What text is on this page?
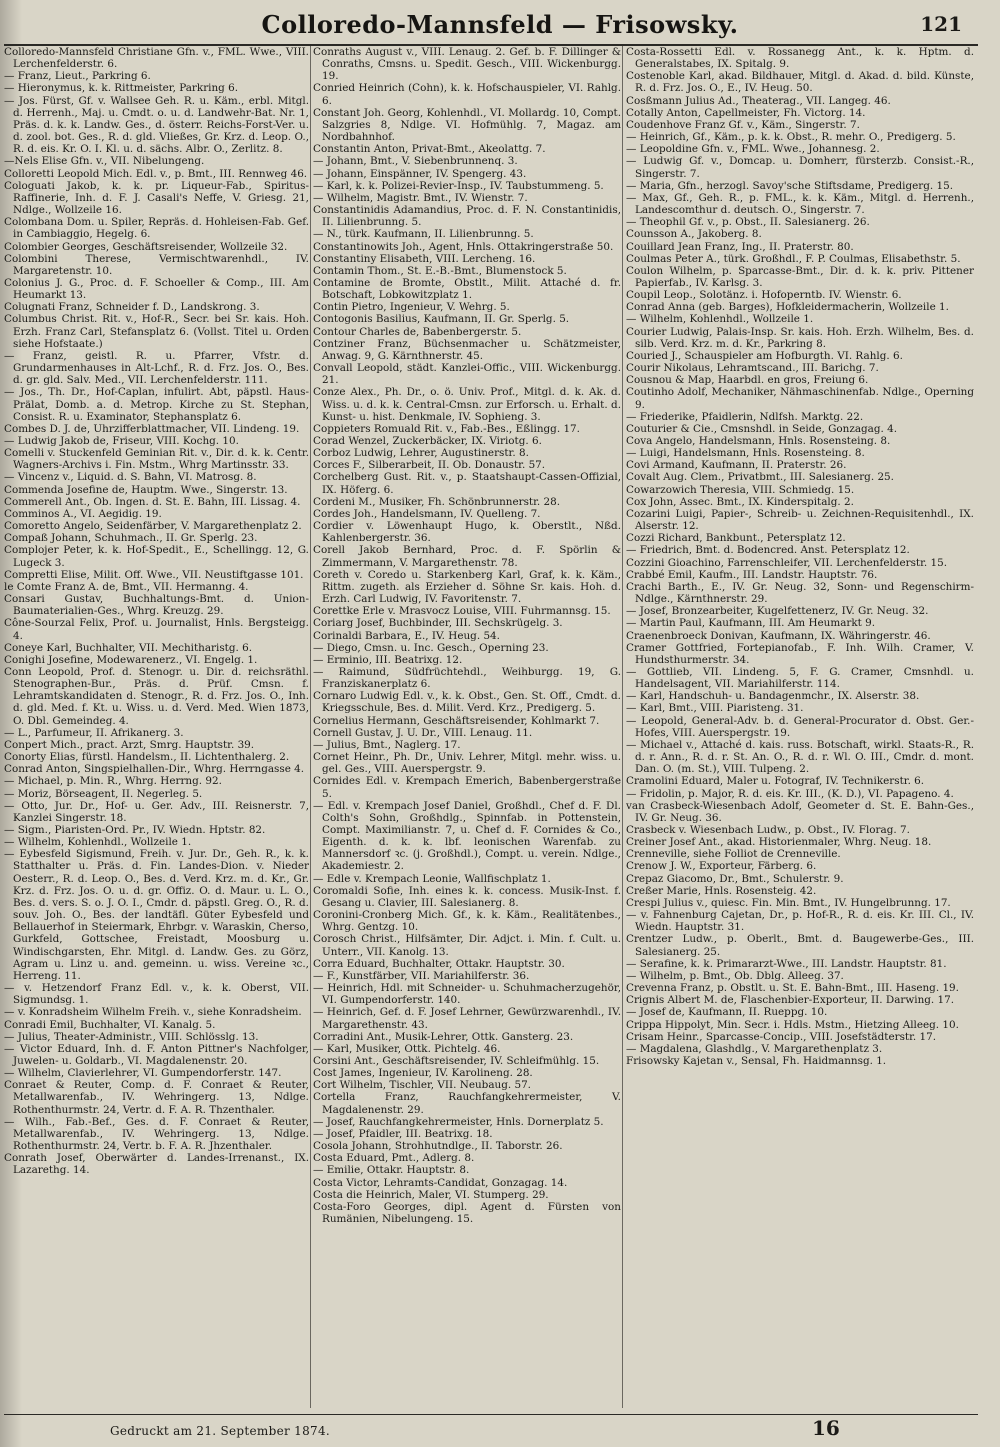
Colloredo-Mannsfeld — Frisowsky.	121

Colloredo-Mannsfeld Christiane Gfn. v., FML. Wwe., VIII. Lerchenfelderstr. 6.

— Franz, Lieut., Parkring 6.

— Hieronymus, k. k. Rittmeister, Parkring 6.

— Jos. Fürst, Gf. v. Wallsee Geh. R. u. Käm., erbl. Mitgl. d. Herrenh., Maj. u. Cmdt. o. u. d. Landwehr-Bat. Nr. 1, Präs. d. k. k. Landw. Ges., d. österr. Reichs-Forst-Ver. u. d. zool. bot. Ges., R. d. gld. Vließes, Gr. Krz. d. Leop. O., R. d. eis. Kr. O. I. Kl. u. d. sächs. Albr. O., Zerlitz. 8.

—Nels Elise Gfn. v., VII. Nibelungeng.

Colloretti Leopold Mich. Edl. v., p. Bmt., III. Rennweg 46.

Cologuati Jakob, k. k. pr. Liqueur-Fab., Spiritus-Raffinerie, Inh. d. F. J. Casali's Neffe, V. Griesg. 21, Ndlge., Wollzeile 16.

Colombana Dom. u. Spiler, Repräs. d. Hohleisen-Fab. Gef. in Cambiaggio, Hegelg. 6.

Colombier Georges, Geschäftsreisender, Wollzeile 32.

Colombini Therese, Vermischtwarenhdl., IV. Margaretenstr. 10.

Colonius J. G., Proc. d. F. Schoeller & Comp., III. Am Heumarkt 13.

Colugnati Franz, Schneider f. D., Landskrong. 3.

Columbus Christ. Rit. v., Hof-R., Secr. bei Sr. kais. Hoh. Erzh. Franz Carl, Stefansplatz 6. (Vollst. Titel u. Orden siehe Hofstaate.)

— Franz, geistl. R. u. Pfarrer, Vfstr. d. Grundarmenhauses in Alt-Lchf., R. d. Frz. Jos. O., Bes. d. gr. gld. Salv. Med., VII. Lerchenfelderstr. 111.

— Jos., Th. Dr., Hof-Caplan, infulirt. Abt, päpstl. Haus-Prälat, Domb. a. d. Metrop. Kirche zu St. Stephan, Consist. R. u. Examinator, Stephansplatz 6.

Combes D. J. de, Uhrzifferblattmacher, VII. Lindeng. 19.

— Ludwig Jakob de, Friseur, VIII. Kochg. 10.

Comelli v. Stuckenfeld Geminian Rit. v., Dir. d. k. k. Centr. Wagners-Archivs i. Fin. Mstm., Whrg Martinsstr. 33.

— Vincenz v., Liquid. d. S. Bahn, VI. Matrosg. 8.

Commenda Josefine de, Hauptm. Wwe., Singerstr. 13.

Commerell Ant., Ob. Ingen. d. St. E. Bahn, III. Lissag. 4.

Comminos A., VI. Aegidig. 19.

Comoretto Angelo, Seidenfärber, V. Margarethenplatz 2.

Compaß Johann, Schuhmach., II. Gr. Sperlg. 23.

Complojer Peter, k. k. Hof-Spedit., E., Schellingg. 12, G. Lugeck 3.

Compretti Elise, Milit. Off. Wwe., VII. Neustiftgasse 101.

le Comte Franz A. de, Bmt., VII. Hermanng. 4.

Consari Gustav, Buchhaltungs-Bmt. d. Union-Baumaterialien-Ges., Whrg. Kreuzg. 29.

Cône-Sourzal Felix, Prof. u. Journalist, Hnls. Bergsteigg. 4.

Coneye Karl, Buchhalter, VII. Mechitharistg. 6.

Conighi Josefine, Modewarenerz., VI. Engelg. 1.

Conn Leopold, Prof. d. Stenogr. u. Dir. d. reichsräthl. Stenographen-Bur., Präs. d. Prüf. Cmsn. f. Lehramtskandidaten d. Stenogr., R. d. Frz. Jos. O., Inh. d. gld. Med. f. Kt. u. Wiss. u. d. Verd. Med. Wien 1873, O. Dbl. Gemeindeg. 4.

— L., Parfumeur, II. Afrikanerg. 3.

Conpert Mich., pract. Arzt, Smrg. Hauptstr. 39.

Conorty Elias, fürstl. Handelsm., II. Lichtenthalerg. 2.

Conrad Anton, Singspielhallen-Dir., Whrg. Herrngasse 4.

— Michael, p. Min. R., Whrg. Herrng. 92.

— Moriz, Börseagent, II. Negerleg. 5.

— Otto, Jur. Dr., Hof- u. Ger. Adv., III. Reisnerstr. 7, Kanzlei Singerstr. 18.

— Sigm., Piaristen-Ord. Pr., IV. Wiedn. Hptstr. 82.

— Wilhelm, Kohlenhdl., Wollzeile 1.

— Eybesfeld Sigismund, Freih. v. Jur. Dr., Geh. R., k. k. Statthalter u. Präs. d. Fin. Landes-Dion. v. Nieder Oesterr., R. d. Leop. O., Bes. d. Verd. Krz. m. d. Kr., Gr. Krz. d. Frz. Jos. O. u. d. gr. Offiz. O. d. Maur. u. L. O., Bes. d. vers. S. o. J. O. I., Cmdr. d. päpstl. Greg. O., R. d. souv. Joh. O., Bes. der landtäfl. Güter Eybesfeld und Bellauerhof in Steiermark, Ehrbgr. v. Waraskin, Cherso, Gurkfeld, Gottschee, Freistadt, Moosburg u. Windischgarsten, Ehr. Mitgl. d. Landw. Ges. zu Görz, Agram u. Linz u. and. gemeinn. u. wiss. Vereine ꝛc., Herreng. 11.

— v. Hetzendorf Franz Edl. v., k. k. Oberst, VII. Sigmundsg. 1.

— v. Konradsheim Wilhelm Freih. v., siehe Konradsheim.

Conradi Emil, Buchhalter, VI. Kanalg. 5.

— Julius, Theater-Administr., VIII. Schlösslg. 13.

— Victor Eduard, Inh. d. F. Anton Pittner's Nachfolger, Juwelen- u. Goldarb., VI. Magdalenenstr. 20.

— Wilhelm, Clavierlehrer, VI. Gumpendorferstr. 147.

Conraet & Reuter, Comp. d. F. Conraet & Reuter, Metallwarenfab., IV. Wehringerg. 13, Ndlge. Rothenthurmstr. 24, Vertr. d. F. A. R. Thzenthaler.

— Wilh., Fab.-Bef., Ges. d. F. Conraet & Reuter, Metallwarenfab., IV. Wehringerg. 13, Ndlge. Rothenthurmstr. 24, Vertr. b. F. A. R. Jhzenthaler.

Conrath Josef, Oberwärter d. Landes-Irrenanst., IX. Lazarethg. 14.

Conraths August v., VIII. Lenaug. 2. Gef. b. F. Dillinger & Conraths, Cmsns. u. Spedit. Gesch., VIII. Wickenburgg. 19.

Conried Heinrich (Cohn), k. k. Hofschauspieler, VI. Rahlg. 6.

Constant Joh. Georg, Kohlenhdl., VI. Mollardg. 10, Compt. Salzgries 8, Ndlge. VI. Hofmühlg. 7, Magaz. am Nordbahnhof.

Constantin Anton, Privat-Bmt., Akeolattg. 7.

— Johann, Bmt., V. Siebenbrunnenq. 3.

— Johann, Einspänner, IV. Spengerg. 43.

— Karl, k. k. Polizei-Revier-Insp., IV. Taubstummeng. 5.

— Wilhelm, Magistr. Bmt., IV. Wienstr. 7.

Constantinidis Adamandius, Proc. d. F. N. Constantinidis, II. Lilienbrunng. 5.

— N., türk. Kaufmann, II. Lilienbrunng. 5.

Constantinowits Joh., Agent, Hnls. Ottakringerstraße 50.

Constantiny Elisabeth, VIII. Lercheng. 16.

Contamin Thom., St. E.-B.-Bmt., Blumenstock 5.

Contamine de Bromte, Obstlt., Milit. Attaché d. fr. Botschaft, Lobkowitzplatz 1.

Contin Pietro, Ingenieur, V. Wehrg. 5.

Contogonis Basilius, Kaufmann, II. Gr. Sperlg. 5.

Contour Charles de, Babenbergerstr. 5.

Contziner Franz, Büchsenmacher u. Schätzmeister, Anwag. 9, G. Kärnthnerstr. 45.

Convall Leopold, städt. Kanzlei-Offic., VIII. Wickenburgg. 21.

Conze Alex., Ph. Dr., o. ö. Univ. Prof., Mitgl. d. k. Ak. d. Wiss. u. d. k. k. Central-Cmsn. zur Erforsch. u. Erhalt. d. Kunst- u. hist. Denkmale, IV. Sophieng. 3.

Coppieters Romuald Rit. v., Fab.-Bes., Eßlingg. 17.

Corad Wenzel, Zuckerbäcker, IX. Viriotg. 6.

Corboz Ludwig, Lehrer, Augustinerstr. 8.

Corces F., Silberarbeit, II. Ob. Donaustr. 57.

Corchelberg Gust. Rit. v., p. Staatshaupt-Cassen-Offizial, IX. Höferg. 6.

Cordeni M., Musiker, Fh. Schönbrunnerstr. 28.

Cordes Joh., Handelsmann, IV. Quelleng. 7.

Cordier v. Löwenhaupt Hugo, k. Oberstlt., Nßd. Kahlenbergerstr. 36.

Corell Jakob Bernhard, Proc. d. F. Spörlin & Zimmermann, V. Margarethenstr. 78.

Coreth v. Coredo u. Starkenberg Karl, Graf, k. k. Käm., Rittm. zugeth. als Erzieher d. Söhne Sr. kais. Hoh. d. Erzh. Carl Ludwig, IV. Favoritenstr. 7.

Corettke Erle v. Mrasvocz Louise, VIII. Fuhrmannsg. 15.

Coriarg Josef, Buchbinder, III. Sechskrügelg. 3.

Corinaldi Barbara, E., IV. Heug. 54.

— Diego, Cmsn. u. Inc. Gesch., Operning 23.

— Erminio, III. Beatrixg. 12.

— Raimund, Südfrüchtehdl., Weihburgg. 19, G. Franziskanerplatz 6.

Cornaro Ludwig Edl. v., k. k. Obst., Gen. St. Off., Cmdt. d. Kriegsschule, Bes. d. Milit. Verd. Krz., Predigerg. 5.

Cornelius Hermann, Geschäftsreisender, Kohlmarkt 7.

Cornell Gustav, J. U. Dr., VIII. Lenaug. 11.

— Julius, Bmt., Naglerg. 17.

Cornet Heinr., Ph. Dr., Univ. Lehrer, Mitgl. mehr. wiss. u. gel. Ges., VIII. Auerspergstr. 9.

Cornides Edl. v. Krempach Emerich, Babenbergerstraße 5.

— Edl. v. Krempach Josef Daniel, Großhdl., Chef d. F. Dl. Colth's Sohn, Großhdlg., Spinnfab. in Pottenstein, Compt. Maximilianstr. 7, u. Chef d. F. Cornides & Co., Eigenth. d. k. k. lbf. leonischen Warenfab. zu Mannersdorf ꝛc. (j. Großhdl.), Compt. u. verein. Ndlge., Akademiestr. 2.

— Edle v. Krempach Leonie, Wallfischplatz 1.

Coromaldi Sofie, Inh. eines k. k. concess. Musik-Inst. f. Gesang u. Clavier, III. Salesianerg. 8.

Coronini-Cronberg Mich. Gf., k. k. Käm., Realitätenbes., Whrg. Gentzg. 10.

Corosch Christ., Hilfsämter, Dir. Adjct. i. Min. f. Cult. u. Unterr., VII. Kanolg. 13.

Corra Eduard, Buchhalter, Ottakr. Hauptstr. 30.

— F., Kunstfärber, VII. Mariahilferstr. 36.

— Heinrich, Hdl. mit Schneider- u. Schuhmacherzugehör, VI. Gumpendorferstr. 140.

— Heinrich, Gef. d. F. Josef Lehrner, Gewürzwarenhdl., IV. Margarethenstr. 43.

Corradini Ant., Musik-Lehrer, Ottk. Gansterg. 23.

— Karl, Musiker, Ottk. Pichtelg. 46.

Corsini Ant., Geschäftsreisender, IV. Schleifmühlg. 15.

Cost James, Ingenieur, IV. Karolineng. 28.

Cort Wilhelm, Tischler, VII. Neubaug. 57.

Cortella Franz, Rauchfangkehrermeister, V. Magdalenenstr. 29.

— Josef, Rauchfangkehrermeister, Hnls. Dornerplatz 5.

— Josef, Pfaidler, III. Beatrixg. 18.

Cosola Johann, Strohhutndlge., II. Taborstr. 26.

Costa Eduard, Pmt., Adlerg. 8.

— Emilie, Ottakr. Hauptstr. 8.

Costa Victor, Lehramts-Candidat, Gonzagag. 14.

Costa die Heinrich, Maler, VI. Stumperg. 29.

Costa-Foro Georges, dipl. Agent d. Fürsten von Rumänien, Nibelungeng. 15.

Costa-Rossetti Edl. v. Rossanegg Ant., k. k. Hptm. d. Generalstabes, IX. Spitalg. 9.

Costenoble Karl, akad. Bildhauer, Mitgl. d. Akad. d. bild. Künste, R. d. Frz. Jos. O., E., IV. Heug. 50.

Cosßmann Julius Ad., Theaterag., VII. Langeg. 46.

Cotally Anton, Capellmeister, Fh. Victorg. 14.

Coudenhove Franz Gf. v., Käm., Singerstr. 7.

— Heinrich, Gf., Käm., p. k. k. Obst., R. mehr. O., Predigerg. 5.

— Leopoldine Gfn. v., FML. Wwe., Johannesg. 2.

— Ludwig Gf. v., Domcap. u. Domherr, fürsterzb. Consist.-R., Singerstr. 7.

— Maria, Gfn., herzogl. Savoy'sche Stiftsdame, Predigerg. 15.

— Max, Gf., Geh. R., p. FML., k. k. Käm., Mitgl. d. Herrenh., Landescomthur d. deutsch. O., Singerstr. 7.

— Theophil Gf. v., p. Obst., II. Salesianerg. 26.

Counsson A., Jakoberg. 8.

Couillard Jean Franz, Ing., II. Praterstr. 80.

Coulmas Peter A., türk. Großhdl., F. P. Coulmas, Elisabethstr. 5.

Coulon Wilhelm, p. Sparcasse-Bmt., Dir. d. k. k. priv. Pittener Papierfab., IV. Karlsg. 3.

Coupil Leop., Solotänz. i. Hofoperntb. IV. Wienstr. 6.

Conrad Anna (geb. Barges), Hofkleidermacherin, Wollzeile 1.

— Wilhelm, Kohlenhdl., Wollzeile 1.

Courier Ludwig, Palais-Insp. Sr. kais. Hoh. Erzh. Wilhelm, Bes. d. silb. Verd. Krz. m. d. Kr., Parkring 8.

Couried J., Schauspieler am Hofburgth. VI. Rahlg. 6.

Courir Nikolaus, Lehramtscand., III. Barichg. 7.

Cousnou & Map, Haarbdl. en gros, Freiung 6.

Coutinho Adolf, Mechaniker, Nähmaschinenfab. Ndlge., Operning 9.

— Friederike, Pfaidlerin, Ndlfsh. Marktg. 22.

Couturier & Cie., Cmsnshdl. in Seide, Gonzagag. 4.

Cova Angelo, Handelsmann, Hnls. Rosensteing. 8.

— Luigi, Handelsmann, Hnls. Rosensteing. 8.

Covi Armand, Kaufmann, II. Praterstr. 26.

Covalt Aug. Clem., Privatbmt., III. Salesianerg. 25.

Cowarzowich Theresia, VIII. Schmiedg. 15.

Cox John, Assec. Bmt., IX. Kinderspitalg. 2.

Cozarini Luigi, Papier-, Schreib- u. Zeichnen-Requisitenhdl., IX. Alserstr. 12.

Cozzi Richard, Bankbunt., Petersplatz 12.

— Friedrich, Bmt. d. Bodencred. Anst. Petersplatz 12.

Cozzini Gioachino, Farrenschleifer, VII. Lerchenfelderstr. 15.

Crabbé Emil, Kaufm., III. Landstr. Hauptstr. 76.

Crachi Barth., E., IV. Gr. Neug. 32, Sonn- und Regenschirm-Ndlge., Kärnthnerstr. 29.

— Josef, Bronzearbeiter, Kugelfettenerz, IV. Gr. Neug. 32.

— Martin Paul, Kaufmann, III. Am Heumarkt 9.

Craenenbroeck Donivan, Kaufmann, IX. Währingerstr. 46.

Cramer Gottfried, Fortepianofab., F. Inh. Wilh. Cramer, V. Hundsthurmerstr. 34.

— Gottlieb, VII. Lindeng. 5, F. G. Cramer, Cmsnhdl. u. Handelsagent, VII. Mariahilferstr. 114.

— Karl, Handschuh- u. Bandagenmchr., IX. Alserstr. 38.

— Karl, Bmt., VIII. Piaristeng. 31.

— Leopold, General-Adv. b. d. General-Procurator d. Obst. Ger.-Hofes, VIII. Auerspergstr. 19.

— Michael v., Attaché d. kais. russ. Botschaft, wirkl. Staats-R., R. d. r. Ann., R. d. r. St. An. O., R. d. r. Wl. O. III., Cmdr. d. mont. Dan. O. (m. St.), VIII. Tulpeng. 2.

Cramolini Eduard, Maler u. Fotograf, IV. Technikerstr. 6.

— Fridolin, p. Major, R. d. eis. Kr. III., (K. D.), VI. Papageno. 4.

van Crasbeck-Wiesenbach Adolf, Geometer d. St. E. Bahn-Ges., IV. Gr. Neug. 36.

Crasbeck v. Wiesenbach Ludw., p. Obst., IV. Florag. 7.

Creiner Josef Ant., akad. Historienmaler, Whrg. Neug. 18.

Crenneville, siehe Folliot de Crenneville.

Crenow J. W., Exporteur, Färberg. 6.

Crepaz Giacomo, Dr., Bmt., Schulerstr. 9.

Creßer Marie, Hnls. Rosensteig. 42.

Crespi Julius v., quiesc. Fin. Min. Bmt., IV. Hungelbrunng. 17.

— v. Fahnenburg Cajetan, Dr., p. Hof-R., R. d. eis. Kr. III. Cl., IV. Wiedn. Hauptstr. 31.

Crentzer Ludw., p. Oberlt., Bmt. d. Baugewerbe-Ges., III. Salesianerg. 25.

— Serafine, k. k. Primararzt-Wwe., III. Landstr. Hauptstr. 81.

— Wilhelm, p. Bmt., Ob. Dblg. Alleeg. 37.

Crevenna Franz, p. Obstlt. u. St. E. Bahn-Bmt., III. Haseng. 19.

Crignis Albert M. de, Flaschenbier-Exporteur, II. Darwing. 17.

— Josef de, Kaufmann, II. Rueppg. 10.

Crippa Hippolyt, Min. Secr. i. Hdls. Mstm., Hietzing Alleeg. 10.

Crisam Heinr., Sparcasse-Concip., VIII. Josefstädterstr. 17.

— Magdalena, Glashdlg., V. Margarethenplatz 3.

Frisowsky Kajetan v., Sensal, Fh. Haidmannsg. 1.

Gedruckt am 21. September 1874.	16
